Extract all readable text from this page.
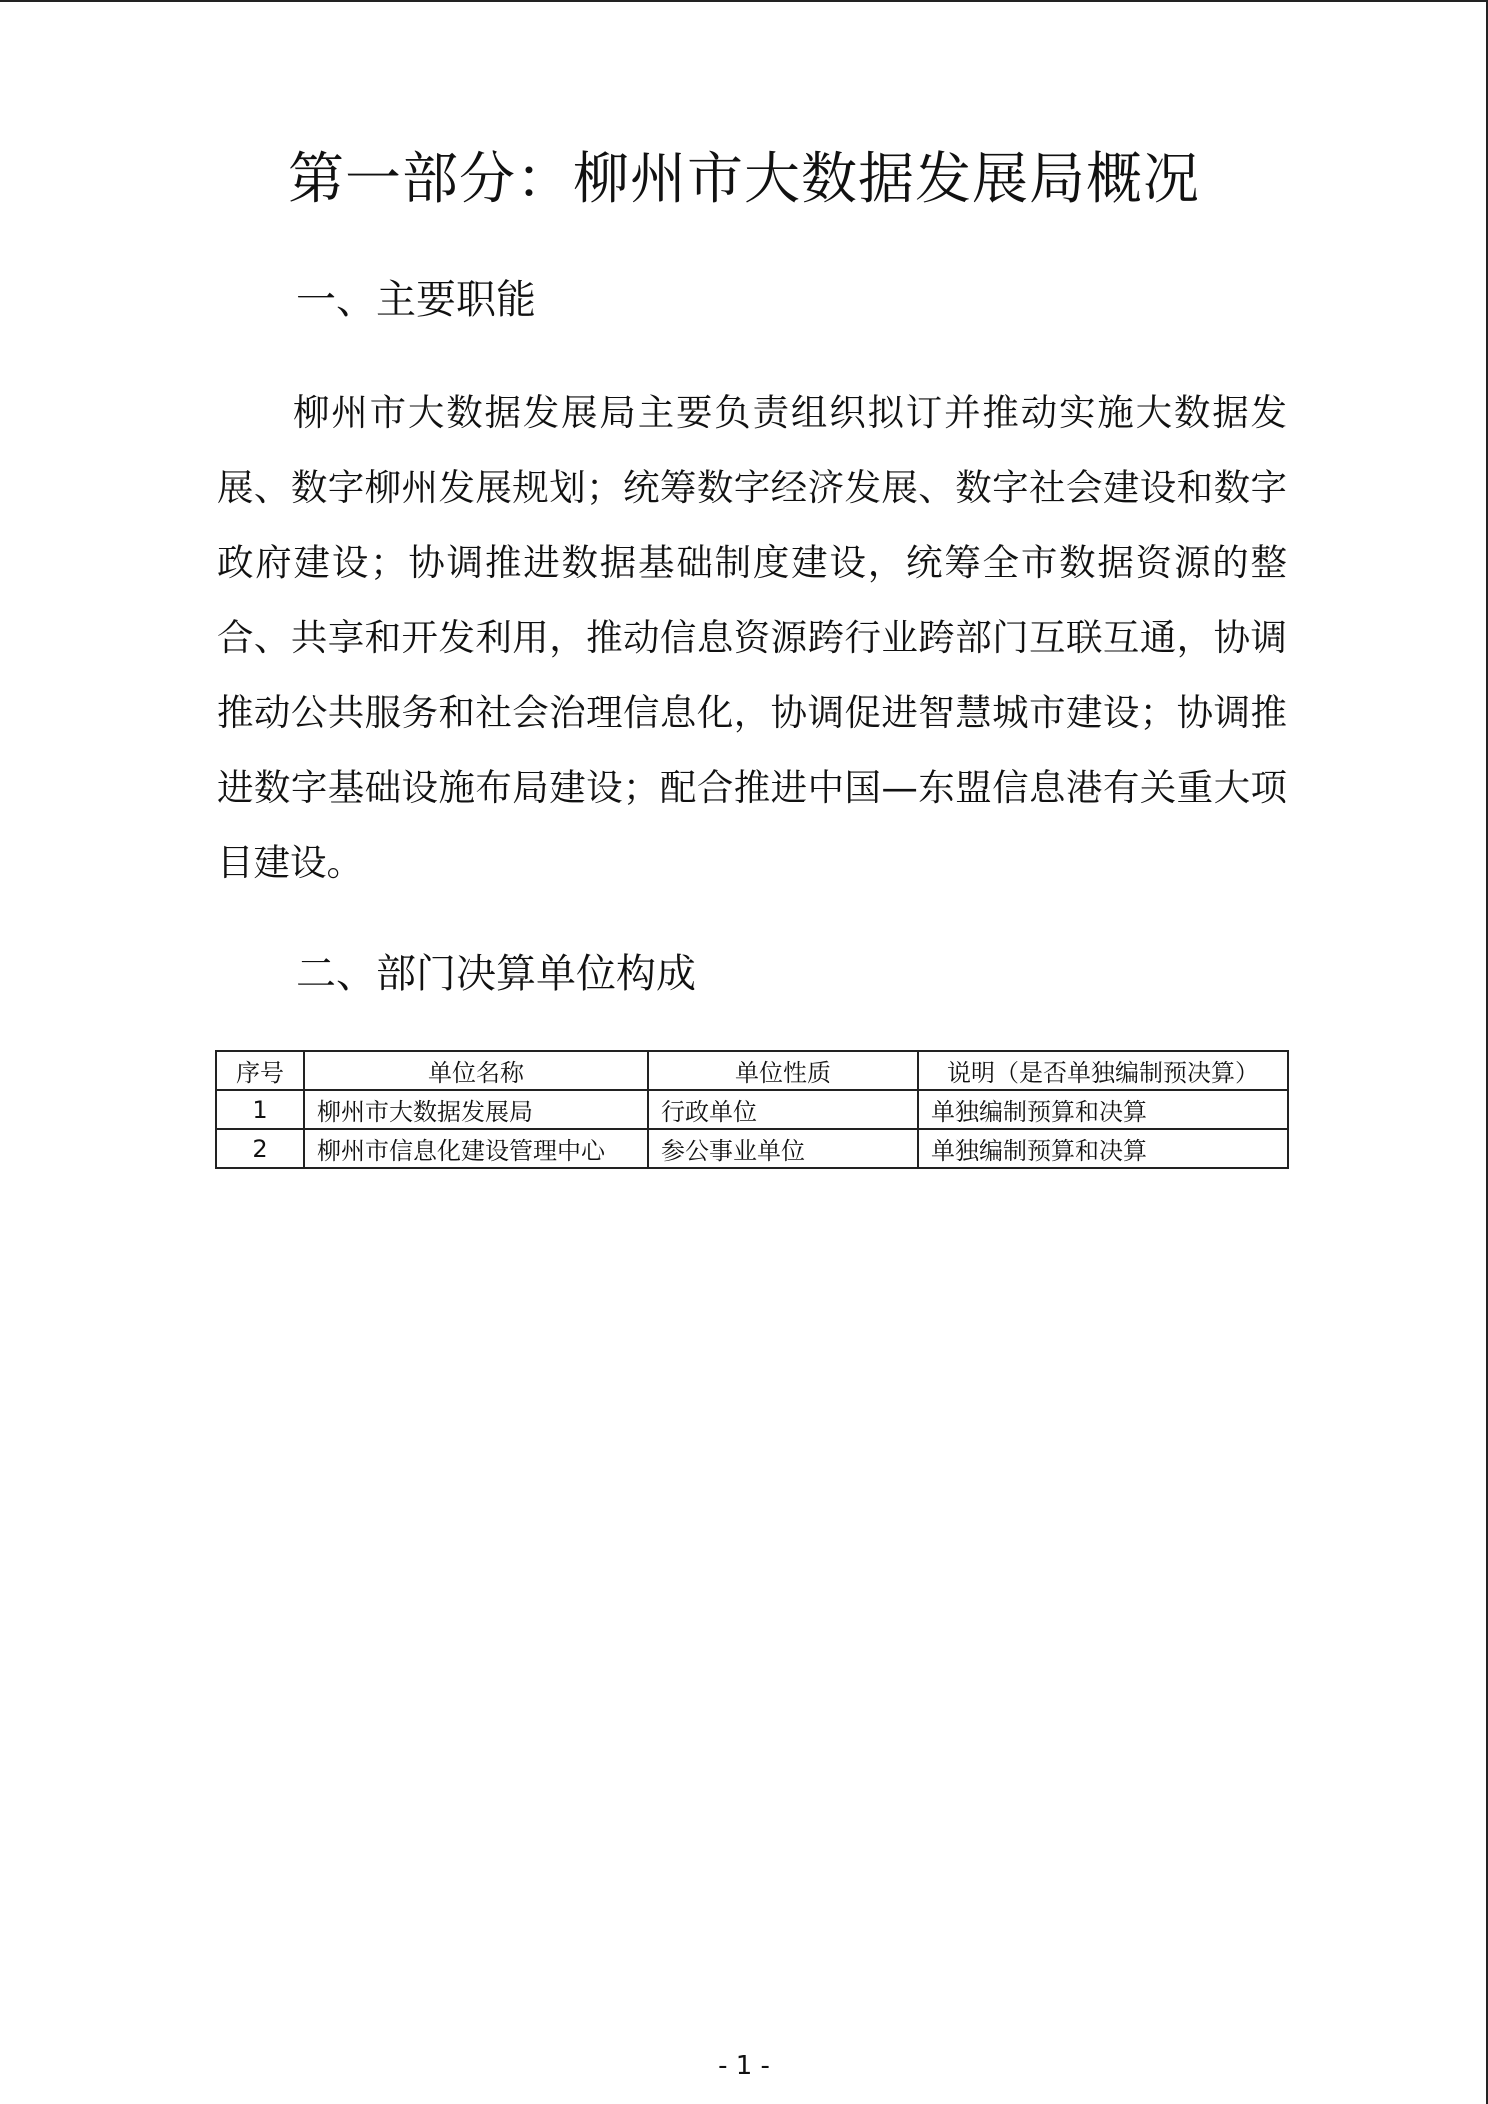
第一部分：柳州市大数据发展局概况
一、主要职能

柳州市大数据发展局主要负责组织拟订并推动实施大数据发展、数字柳州发展规划；统筹数字经济发展、数字社会建设和数字政府建设；协调推进数据基础制度建设，统筹全市数据资源的整合、共享和开发利用，推动信息资源跨行业跨部门互联互通，协调推动公共服务和社会治理信息化，协调促进智慧城市建设；协调推进数字基础设施布局建设；配合推进中国—东盟信息港有关重大项目建设。

二、部门决算单位构成
序号	单位名称	单位性质	说明（是否单独编制预决算）
1	柳州市大数据发展局	行政单位	单独编制预算和决算
2	柳州市信息化建设管理中心	参公事业单位	单独编制预算和决算
- 1 -
